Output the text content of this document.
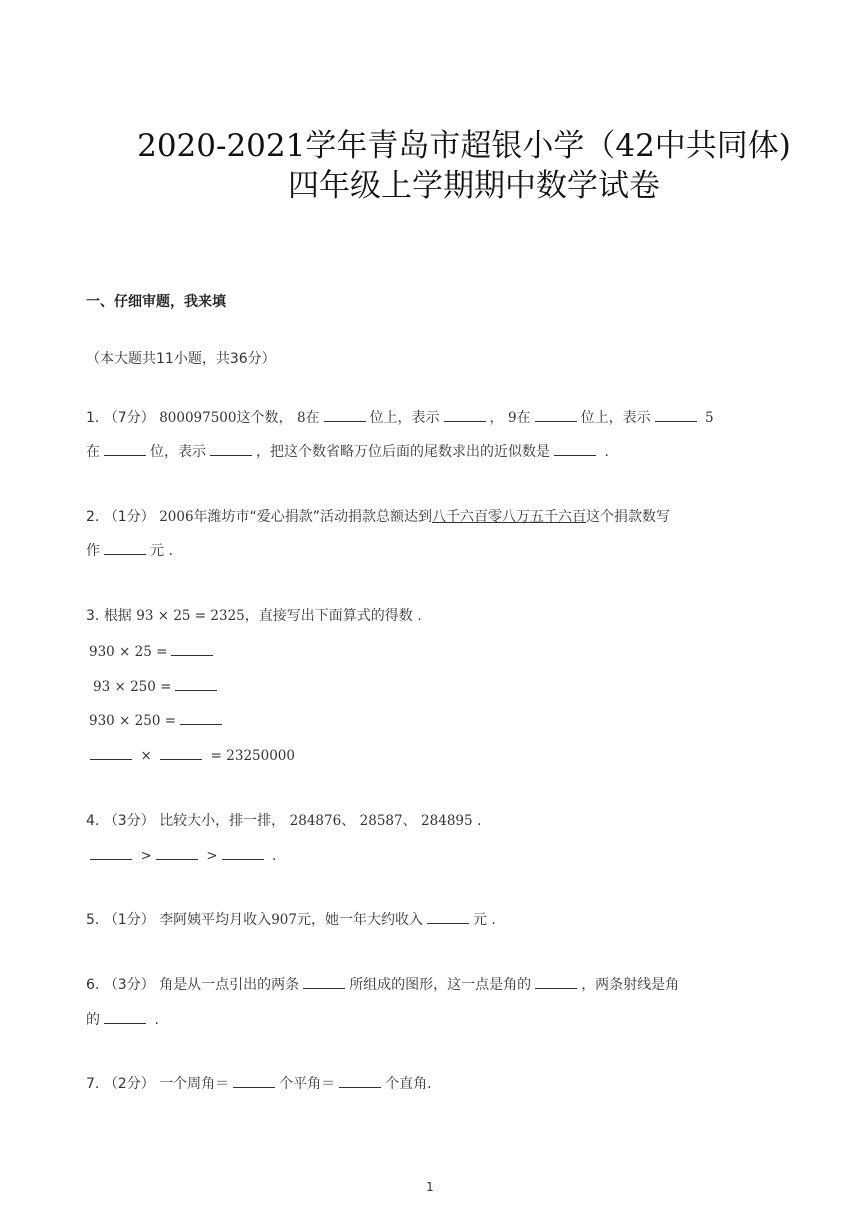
2020-2021学年青岛市超银小学（42中共同体)
四年级上学期期中数学试卷
一、仔细审题，我来填
（本大题共11小题，共36分）
1. （7分） 800097500这个数， 8在	位上，表示	， 9在	位上，表示	5
在	位，表示	，把这个数省略万位后面的尾数求出的近似数是	.
2. （1分） 2006年潍坊市“爱心捐款”活动捐款总额达到八千六百零八万五千六百这个捐款数写
作	元 .
3. 根据 93 × 25 = 2325，直接写出下面算式的得数 .
930 × 25 =
93 × 250 =
930 × 250 =
×	= 23250000
4. （3分） 比较大小，排一排， 284876、 28587、 284895 .
>	>	.
5. （1分） 李阿姨平均月收入907元，她一年大约收入	元 .
6. （3分） 角是从一点引出的两条	所组成的图形，这一点是角的	，两条射线是角
的	.
7. （2分） 一个周角＝	个平角＝	个直角.
1
